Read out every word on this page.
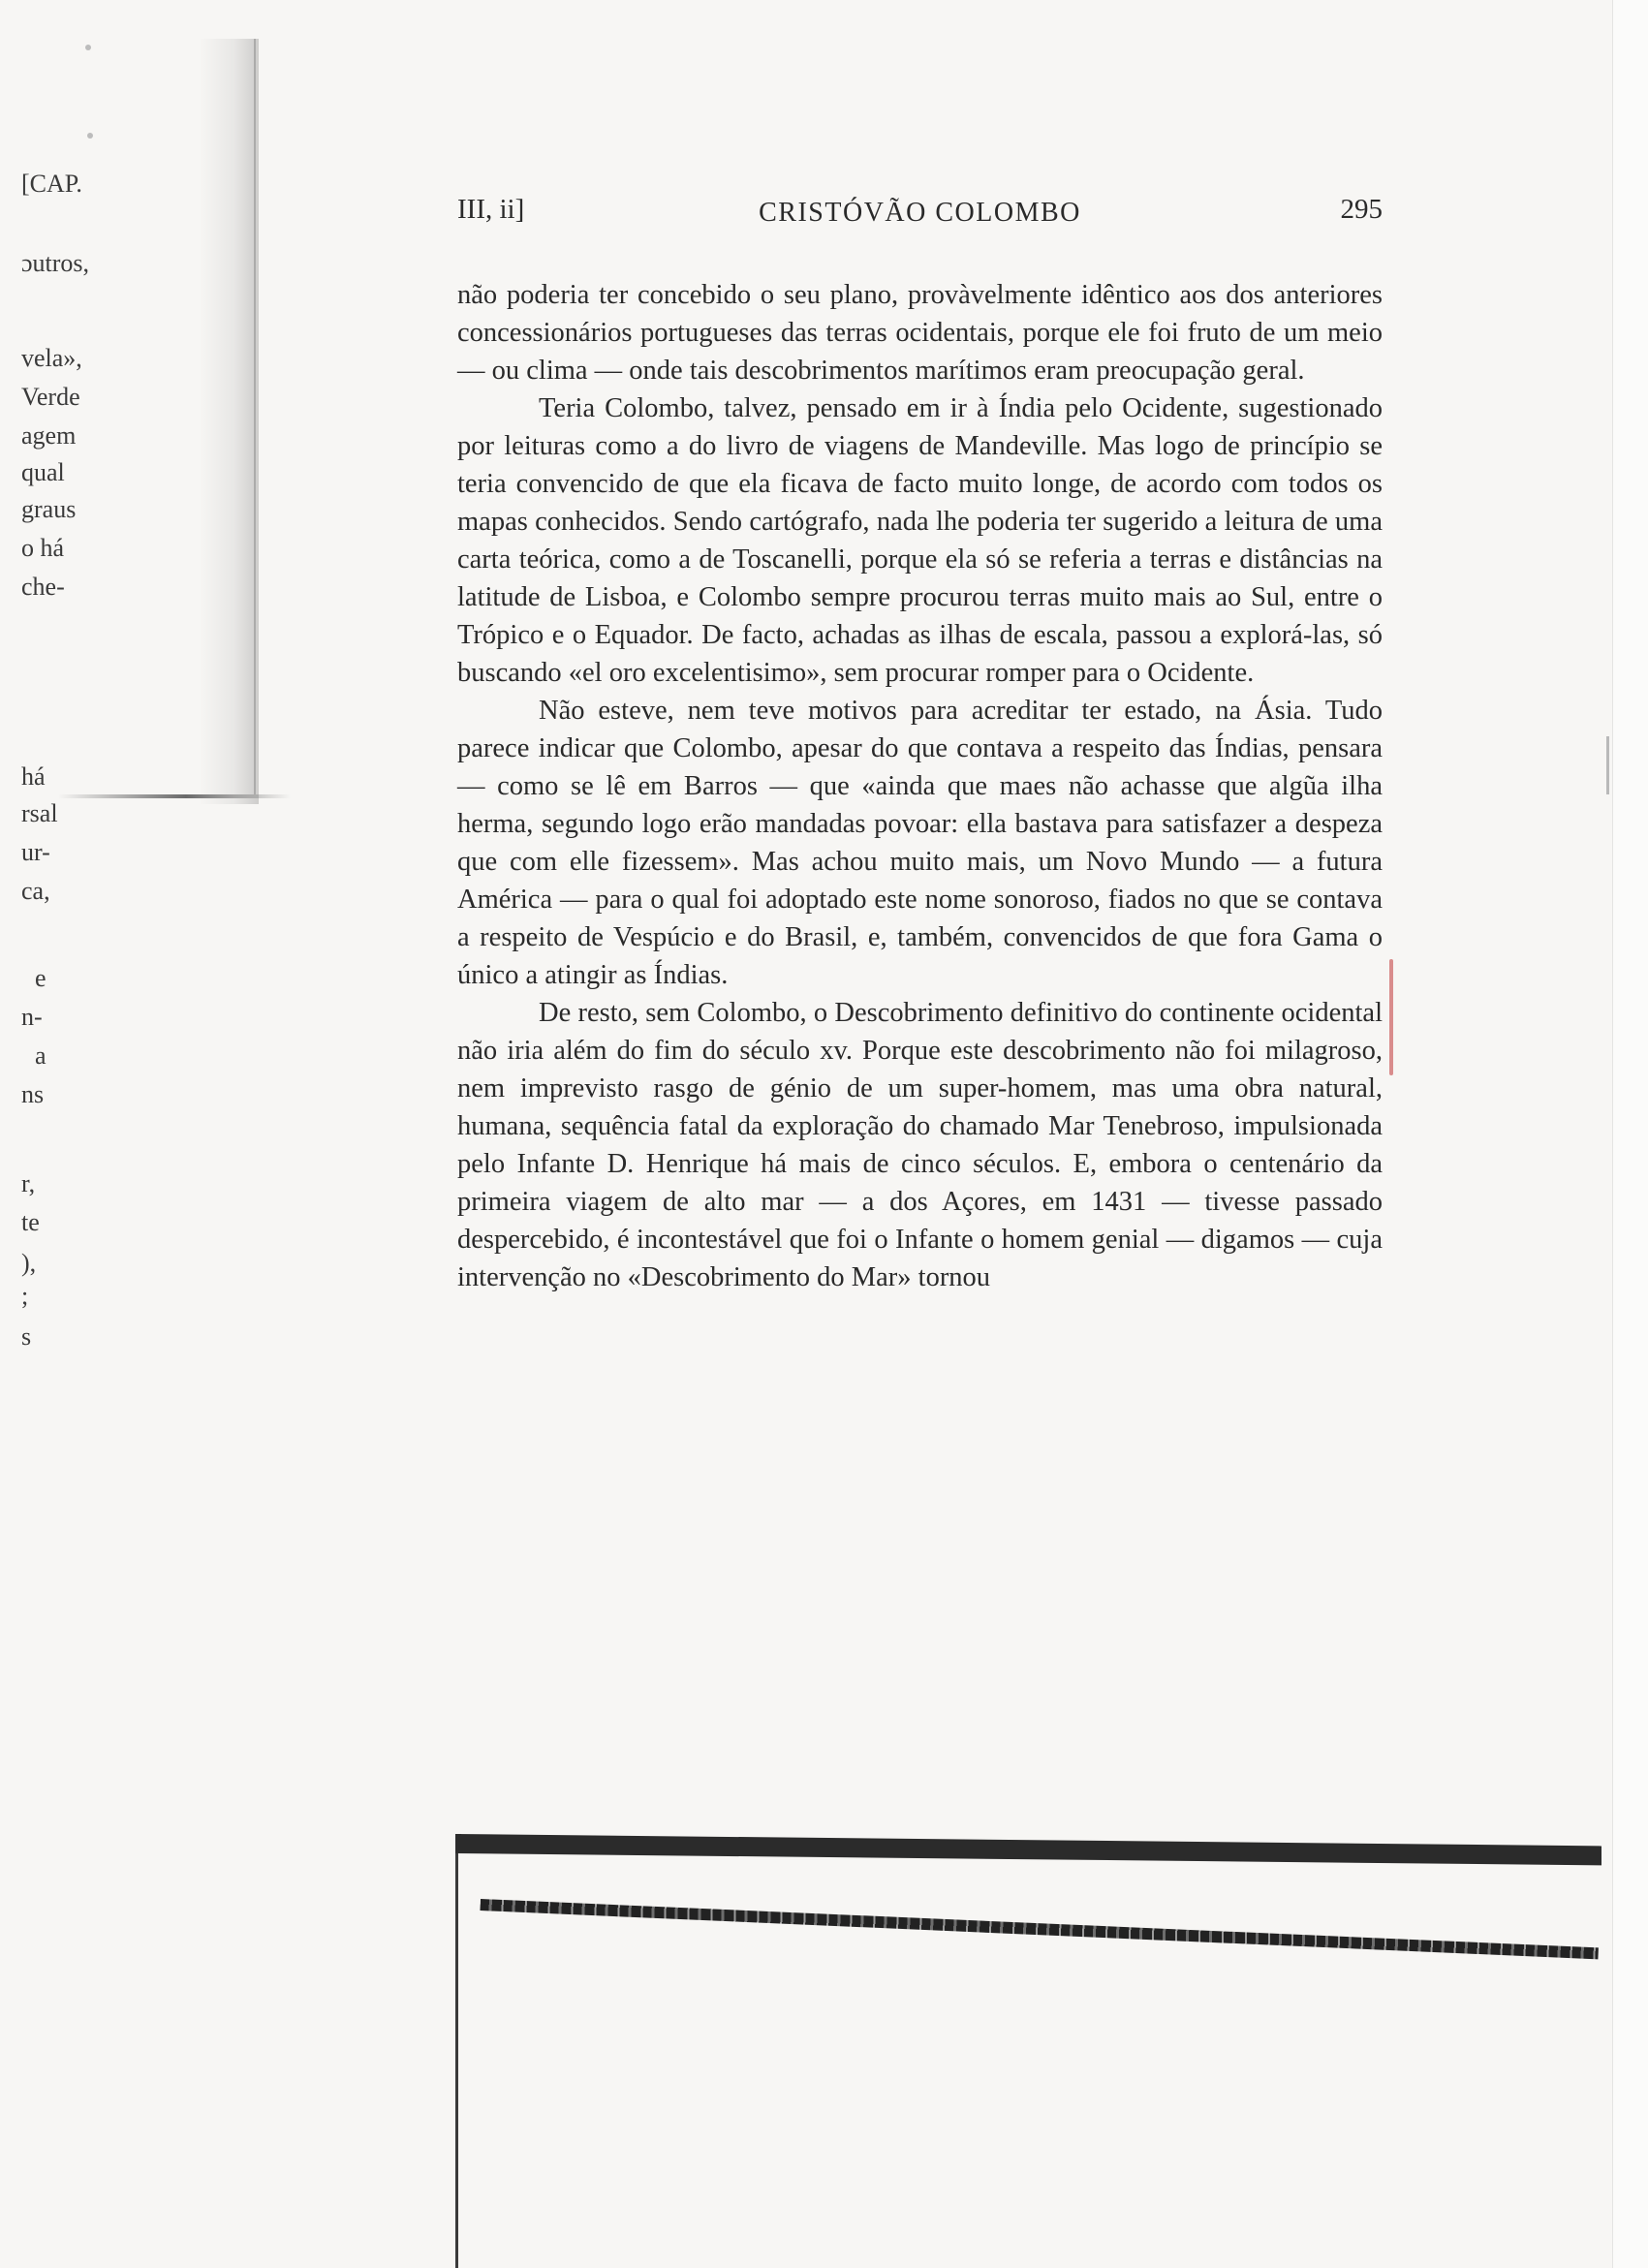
[CAP.
ɔutros,
vela»,
Verde
agem
qual
graus
o há
che-
há
rsal
ur-
ca,
e
n-
a
ns
r,
te
),
;
s
III, ii]	CRISTÓVÃO COLOMBO	295

não poderia ter concebido o seu plano, provàvelmente idêntico aos dos anteriores concessionários portugueses das terras ocidentais, porque ele foi fruto de um meio — ou clima — onde tais descobrimentos marítimos eram preocupação geral.

Teria Colombo, talvez, pensado em ir à Índia pelo Ocidente, sugestionado por leituras como a do livro de viagens de Mandeville. Mas logo de princípio se teria convencido de que ela ficava de facto muito longe, de acordo com todos os mapas conhecidos. Sendo cartógrafo, nada lhe poderia ter sugerido a leitura de uma carta teórica, como a de Toscanelli, porque ela só se referia a terras e distâncias na latitude de Lisboa, e Colombo sempre procurou terras muito mais ao Sul, entre o Trópico e o Equador. De facto, achadas as ilhas de escala, passou a explorá-las, só buscando «el oro excelentisimo», sem procurar romper para o Ocidente.

Não esteve, nem teve motivos para acreditar ter estado, na Ásia. Tudo parece indicar que Colombo, apesar do que contava a respeito das Índias, pensara — como se lê em Barros — que «ainda que maes não achasse que algũa ilha herma, segundo logo erão mandadas povoar: ella bastava para satisfazer a despeza que com elle fizessem». Mas achou muito mais, um Novo Mundo — a futura América — para o qual foi adoptado este nome sonoroso, fiados no que se contava a respeito de Vespúcio e do Brasil, e, também, convencidos de que fora Gama o único a atingir as Índias.

De resto, sem Colombo, o Descobrimento definitivo do continente ocidental não iria além do fim do século xv. Porque este descobrimento não foi milagroso, nem imprevisto rasgo de génio de um super-homem, mas uma obra natural, humana, sequência fatal da exploração do chamado Mar Tenebroso, impulsionada pelo Infante D. Henrique há mais de cinco séculos. E, embora o centenário da primeira viagem de alto mar — a dos Açores, em 1431 — tivesse passado despercebido, é incontestável que foi o Infante o homem genial — digamos — cuja intervenção no «Descobrimento do Mar» tornou
